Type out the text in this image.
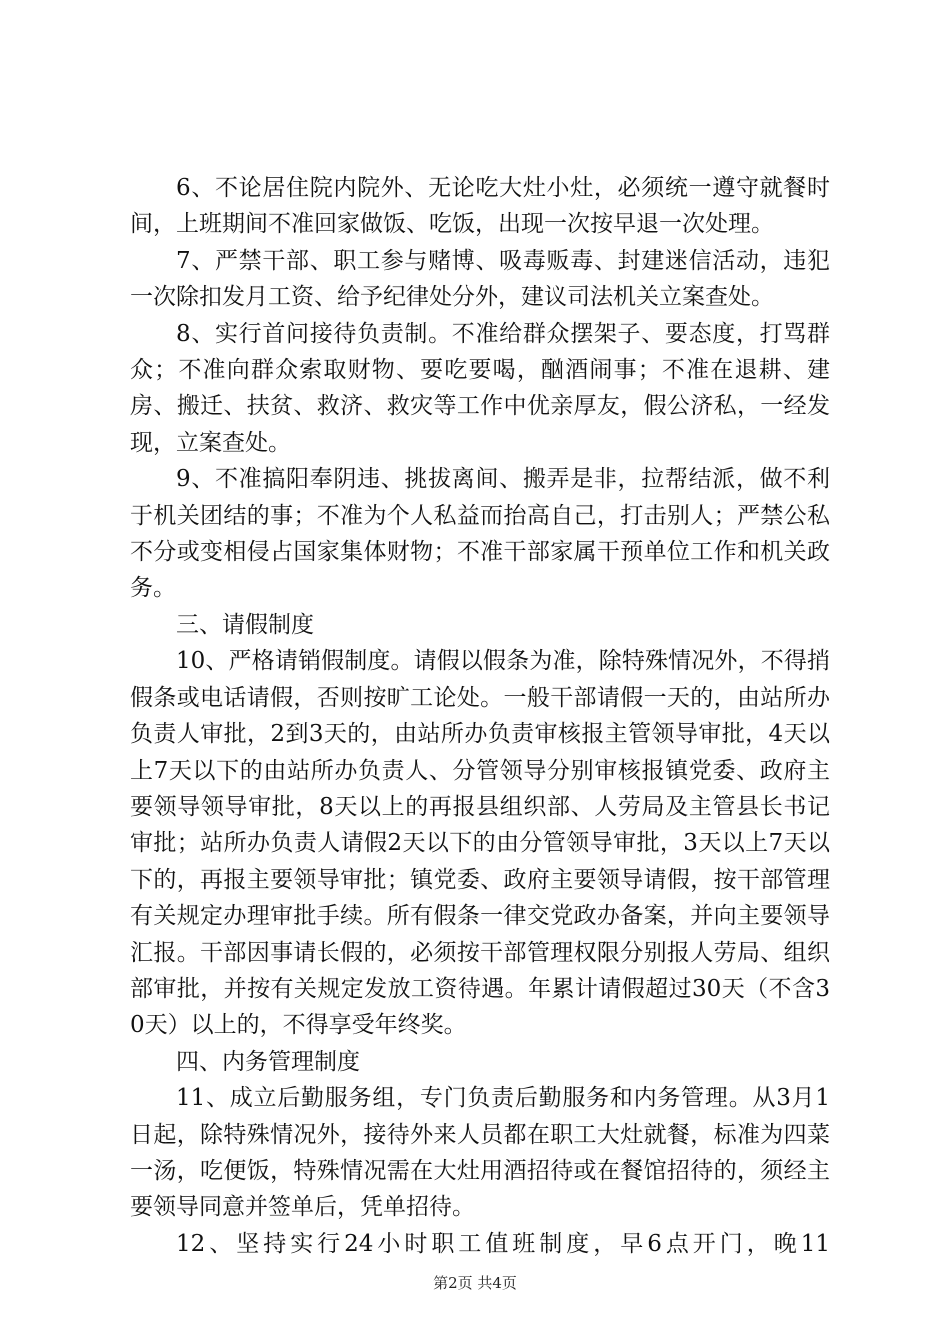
6、不论居住院内院外、无论吃大灶小灶，必须统一遵守就餐时间，上班期间不准回家做饭、吃饭，出现一次按早退一次处理。

7、严禁干部、职工参与赌博、吸毒贩毒、封建迷信活动，违犯一次除扣发月工资、给予纪律处分外，建议司法机关立案查处。

8、实行首问接待负责制。不准给群众摆架子、要态度，打骂群众；不准向群众索取财物、要吃要喝，酗酒闹事；不准在退耕、建房、搬迁、扶贫、救济、救灾等工作中优亲厚友，假公济私，一经发现，立案查处。

9、不准搞阳奉阴违、挑拔离间、搬弄是非，拉帮结派，做不利于机关团结的事；不准为个人私益而抬高自己，打击别人；严禁公私不分或变相侵占国家集体财物；不准干部家属干预单位工作和机关政务。

三、请假制度

10、严格请销假制度。请假以假条为准，除特殊情况外，不得捎假条或电话请假，否则按旷工论处。一般干部请假一天的，由站所办负责人审批，2到3天的，由站所办负责审核报主管领导审批，4天以上7天以下的由站所办负责人、分管领导分别审核报镇党委、政府主要领导领导审批，8天以上的再报县组织部、人劳局及主管县长书记审批；站所办负责人请假2天以下的由分管领导审批，3天以上7天以下的，再报主要领导审批；镇党委、政府主要领导请假，按干部管理有关规定办理审批手续。所有假条一律交党政办备案，并向主要领导汇报。干部因事请长假的，必须按干部管理权限分别报人劳局、组织部审批，并按有关规定发放工资待遇。年累计请假超过30天（不含30天）以上的，不得享受年终奖。

四、内务管理制度

11、成立后勤服务组，专门负责后勤服务和内务管理。从3月1日起，除特殊情况外，接待外来人员都在职工大灶就餐，标准为四菜一汤，吃便饭，特殊情况需在大灶用酒招待或在餐馆招待的，须经主要领导同意并签单后，凭单招待。

12、坚持实行24小时职工值班制度，早6点开门，晚11

第2页 共4页
